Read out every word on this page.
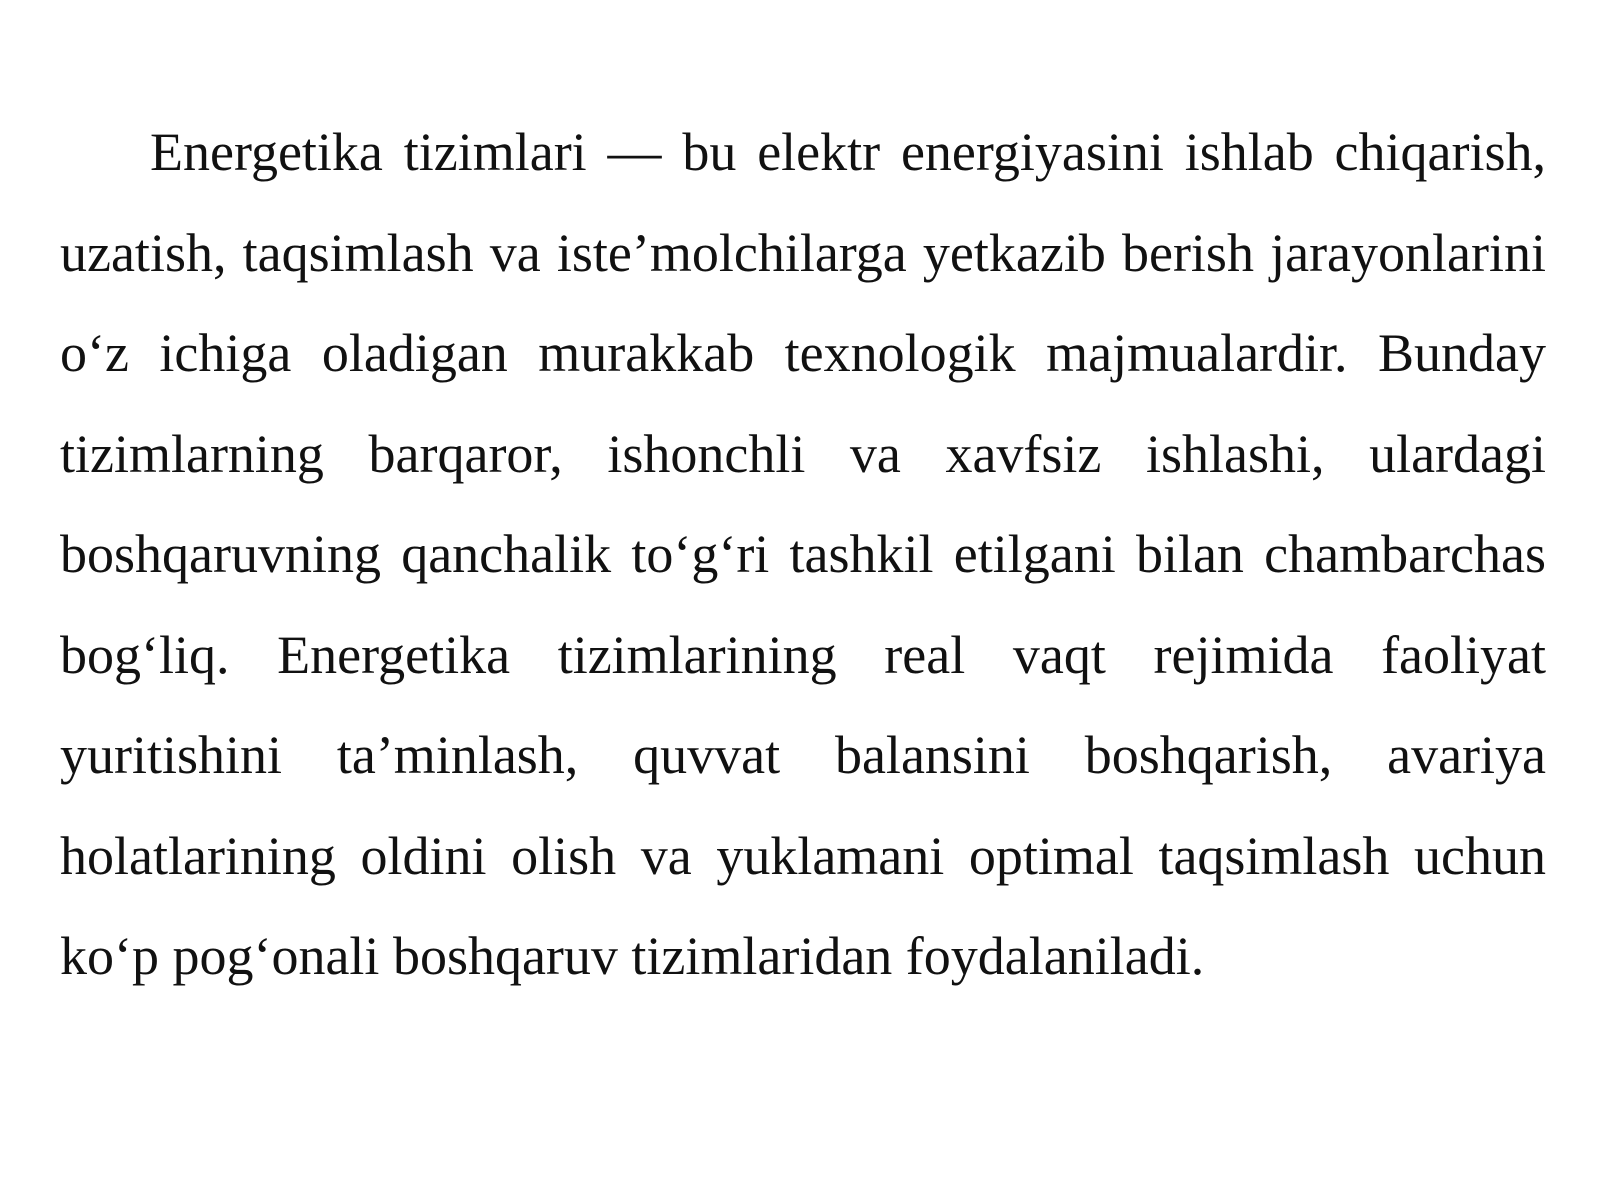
Energetika tizimlari — bu elektr energiyasini ishlab chiqarish, uzatish, taqsimlash va iste’molchilarga yetkazib berish jarayonlarini o‘z ichiga oladigan murakkab texnologik majmualardir. Bunday tizimlarning barqaror, ishonchli va xavfsiz ishlashi, ulardagi boshqaruvning qanchalik to‘g‘ri tashkil etilgani bilan chambarchas bog‘liq. Energetika tizimlarining real vaqt rejimida faoliyat yuritishini ta’minlash, quvvat balansini boshqarish, avariya holatlarining oldini olish va yuklamani optimal taqsimlash uchun ko‘p pog‘onali boshqaruv tizimlaridan foydalaniladi.
